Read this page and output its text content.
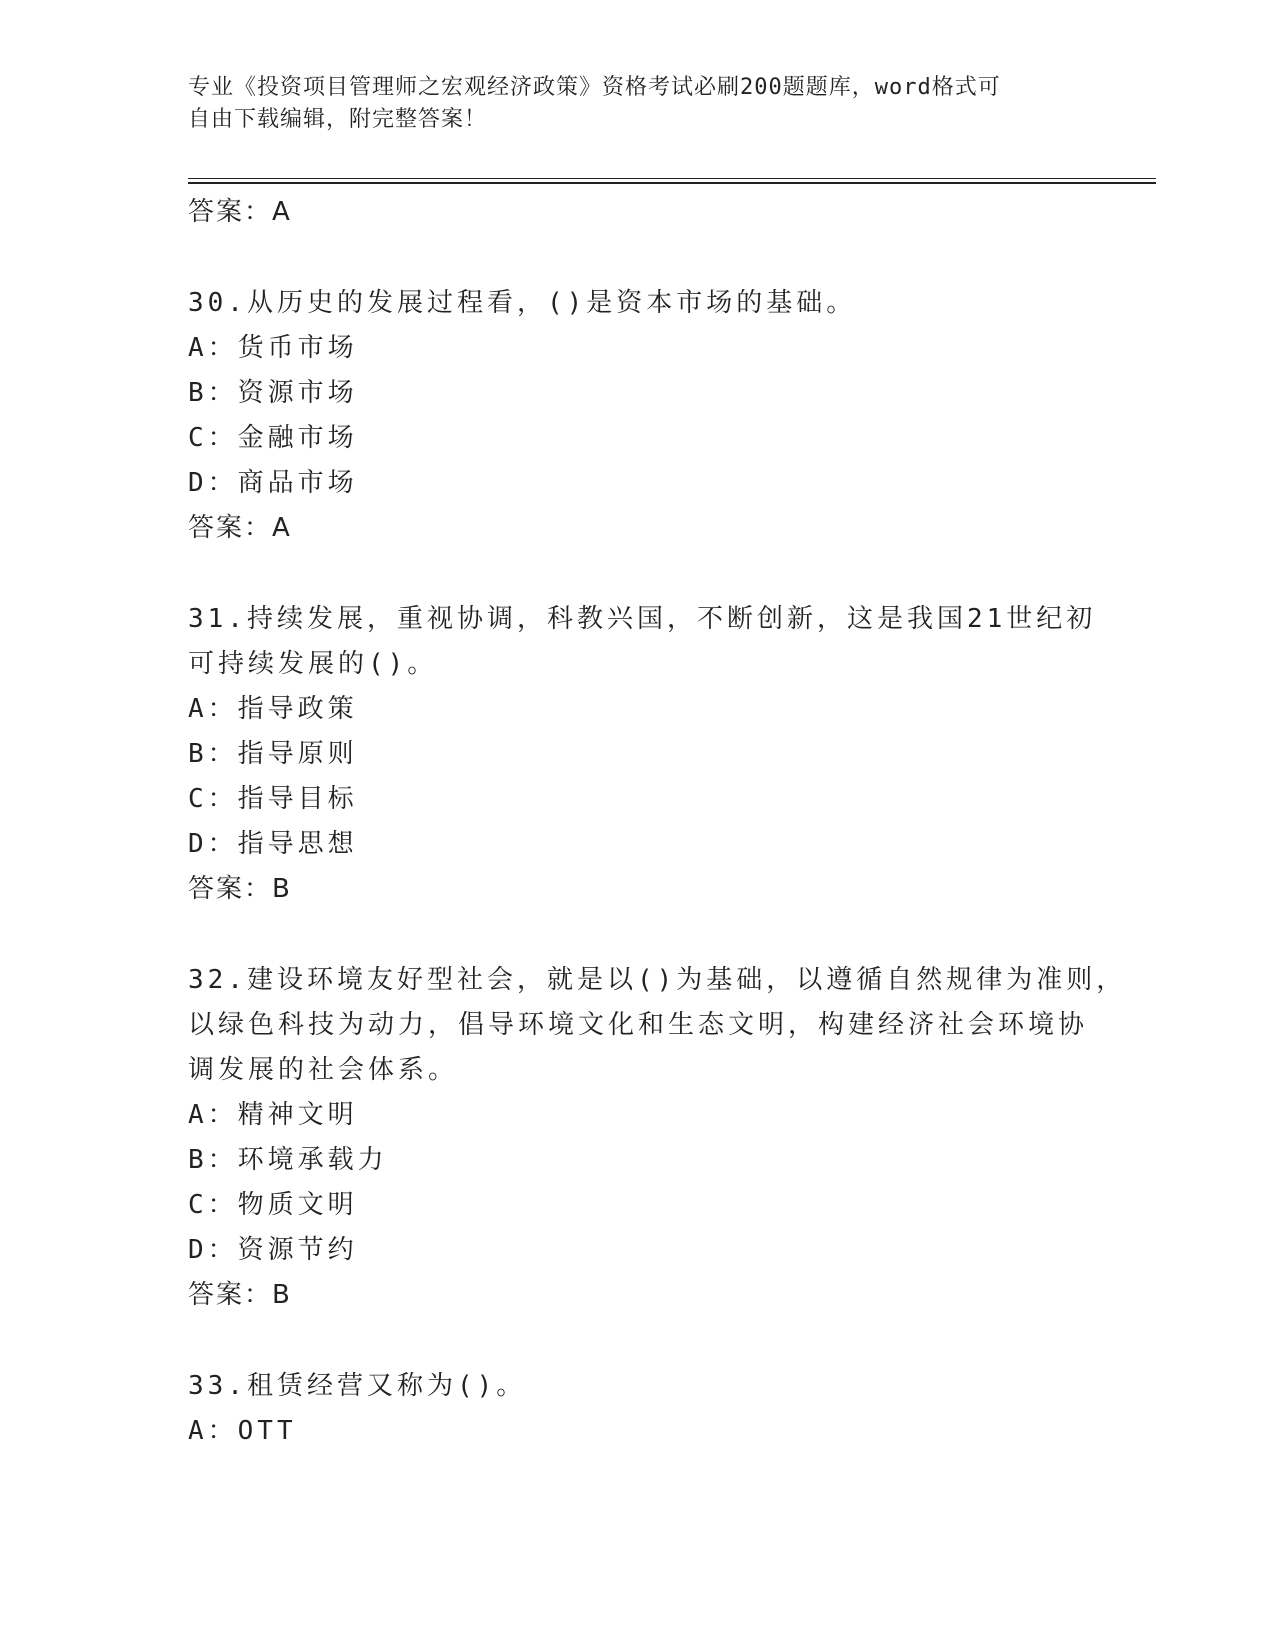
专业《投资项目管理师之宏观经济政策》资格考试必刷200题题库，word格式可
自由下载编辑，附完整答案！
答案：A
30.从历史的发展过程看，()是资本市场的基础。
A：货币市场
B：资源市场
C：金融市场
D：商品市场
答案：A
31.持续发展，重视协调，科教兴国，不断创新，这是我国21世纪初
可持续发展的()。
A：指导政策
B：指导原则
C：指导目标
D：指导思想
答案：B
32.建设环境友好型社会，就是以()为基础，以遵循自然规律为准则，
以绿色科技为动力，倡导环境文化和生态文明，构建经济社会环境协
调发展的社会体系。
A：精神文明
B：环境承载力
C：物质文明
D：资源节约
答案：B
33.租赁经营又称为()。
A：OTT
